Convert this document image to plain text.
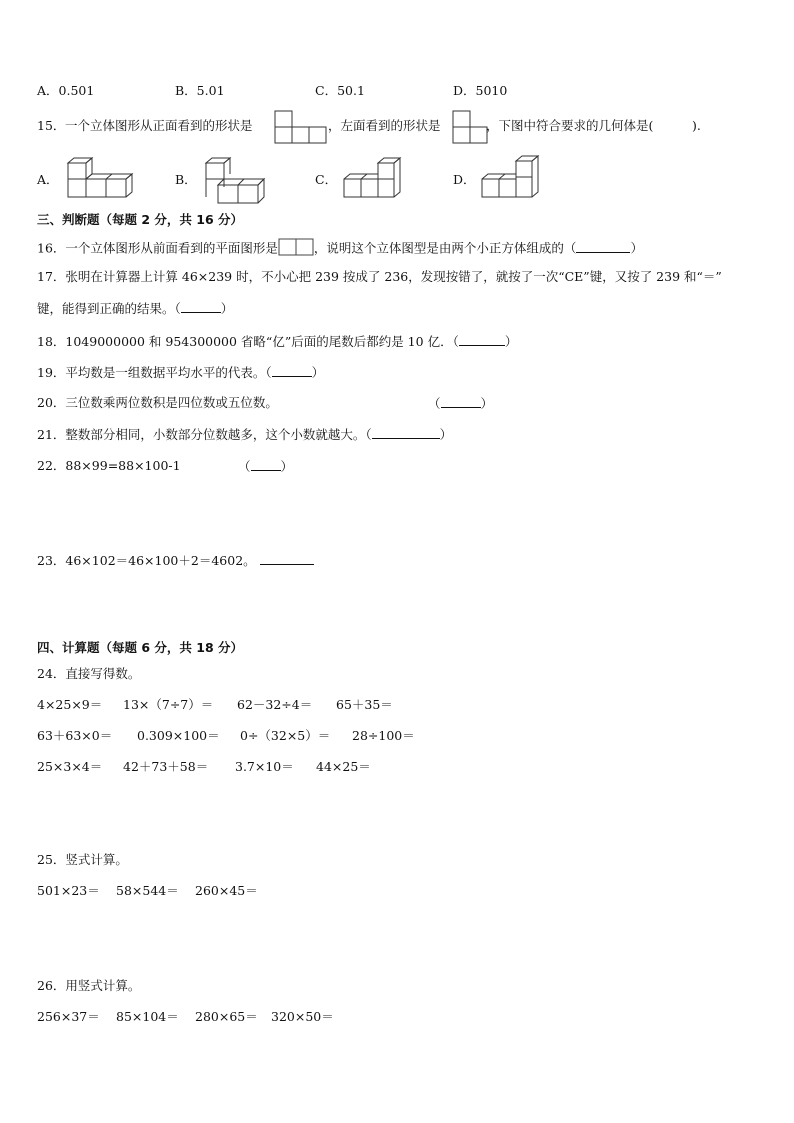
A．0.501	B．5.01	C．50.1	D．5010
15． 一个立体图形从正面看到的形状是	，左面看到的形状是	，下图中符合要求的几何体是(	).
A．	B．	C．	D．
三、判断题（每题 2 分，共 16 分）
16．一个立体图形从前面看到的平面图形是	，说明这个立体图型是由两个小正方体组成的（	）
17．张明在计算器上计算 46×239 时，不小心把 239 按成了 236，发现按错了，就按了一次“CE”键，又按了 239 和“＝”
键，能得到正确的结果。（	）
18．1049000000 和 954300000 省略“亿”后面的尾数后都约是 10 亿．（	）
19．平均数是一组数据平均水平的代表。（	）
20．三位数乘两位数积是四位数或五位数。	（	）
21．整数部分相同，小数部分位数越多，这个小数就越大。（	）
22．88×99=88×100-1	（ ）
23．46×102＝46×100＋2＝4602。
四、计算题（每题 6 分，共 18 分）
24．直接写得数。
4×25×9＝ 13×（7÷7）＝ 62－32÷4＝ 65＋35＝
63＋63×0＝ 0.309×100＝ 0÷（32×5）＝ 28÷100＝
25×3×4＝ 42＋73＋58＝ 3.7×10＝ 44×25＝
25．竖式计算。
501×23＝ 58×544＝ 260×45＝
26．用竖式计算。
256×37＝ 85×104＝ 280×65＝ 320×50＝
